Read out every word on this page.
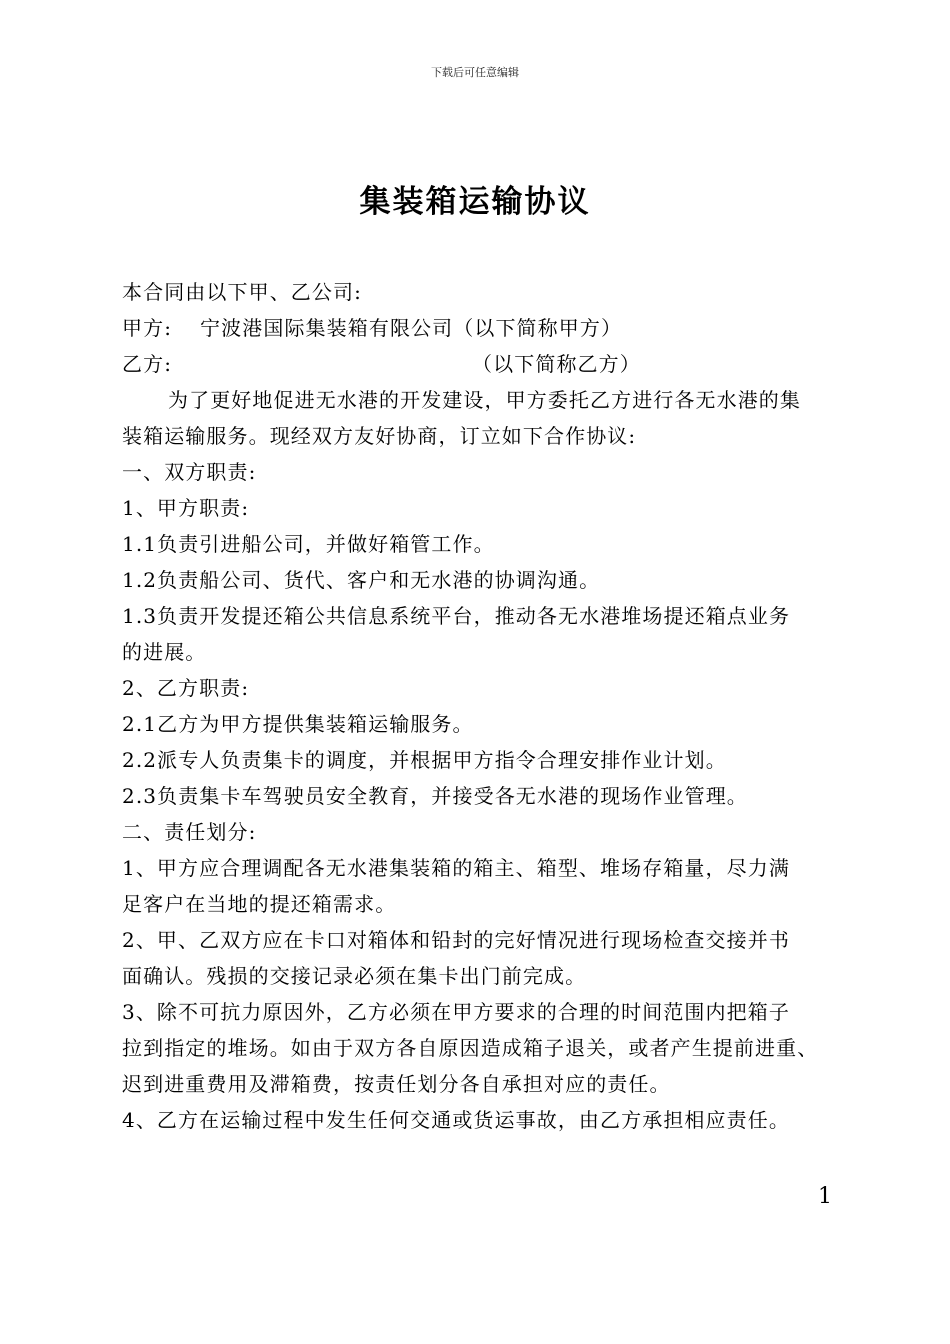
下载后可任意编辑
集装箱运输协议
本合同由以下甲、乙公司:
甲方: 宁波港国际集装箱有限公司（以下简称甲方）
乙方:	（以下简称乙方）
为了更好地促进无水港的开发建设，甲方委托乙方进行各无水港的集
装箱运输服务。现经双方友好协商，订立如下合作协议:
一、双方职责:
1、甲方职责:
1.1负责引进船公司，并做好箱管工作。
1.2负责船公司、货代、客户和无水港的协调沟通。
1.3负责开发提还箱公共信息系统平台，推动各无水港堆场提还箱点业务
的进展。
2、乙方职责:
2.1乙方为甲方提供集装箱运输服务。
2.2派专人负责集卡的调度，并根据甲方指令合理安排作业计划。
2.3负责集卡车驾驶员安全教育，并接受各无水港的现场作业管理。
二、责任划分:
1、甲方应合理调配各无水港集装箱的箱主、箱型、堆场存箱量，尽力满
足客户在当地的提还箱需求。
2、甲、乙双方应在卡口对箱体和铅封的完好情况进行现场检查交接并书
面确认。残损的交接记录必须在集卡出门前完成。
3、除不可抗力原因外，乙方必须在甲方要求的合理的时间范围内把箱子
拉到指定的堆场。如由于双方各自原因造成箱子退关，或者产生提前进重、
迟到进重费用及滞箱费，按责任划分各自承担对应的责任。
4、乙方在运输过程中发生任何交通或货运事故，由乙方承担相应责任。
1
